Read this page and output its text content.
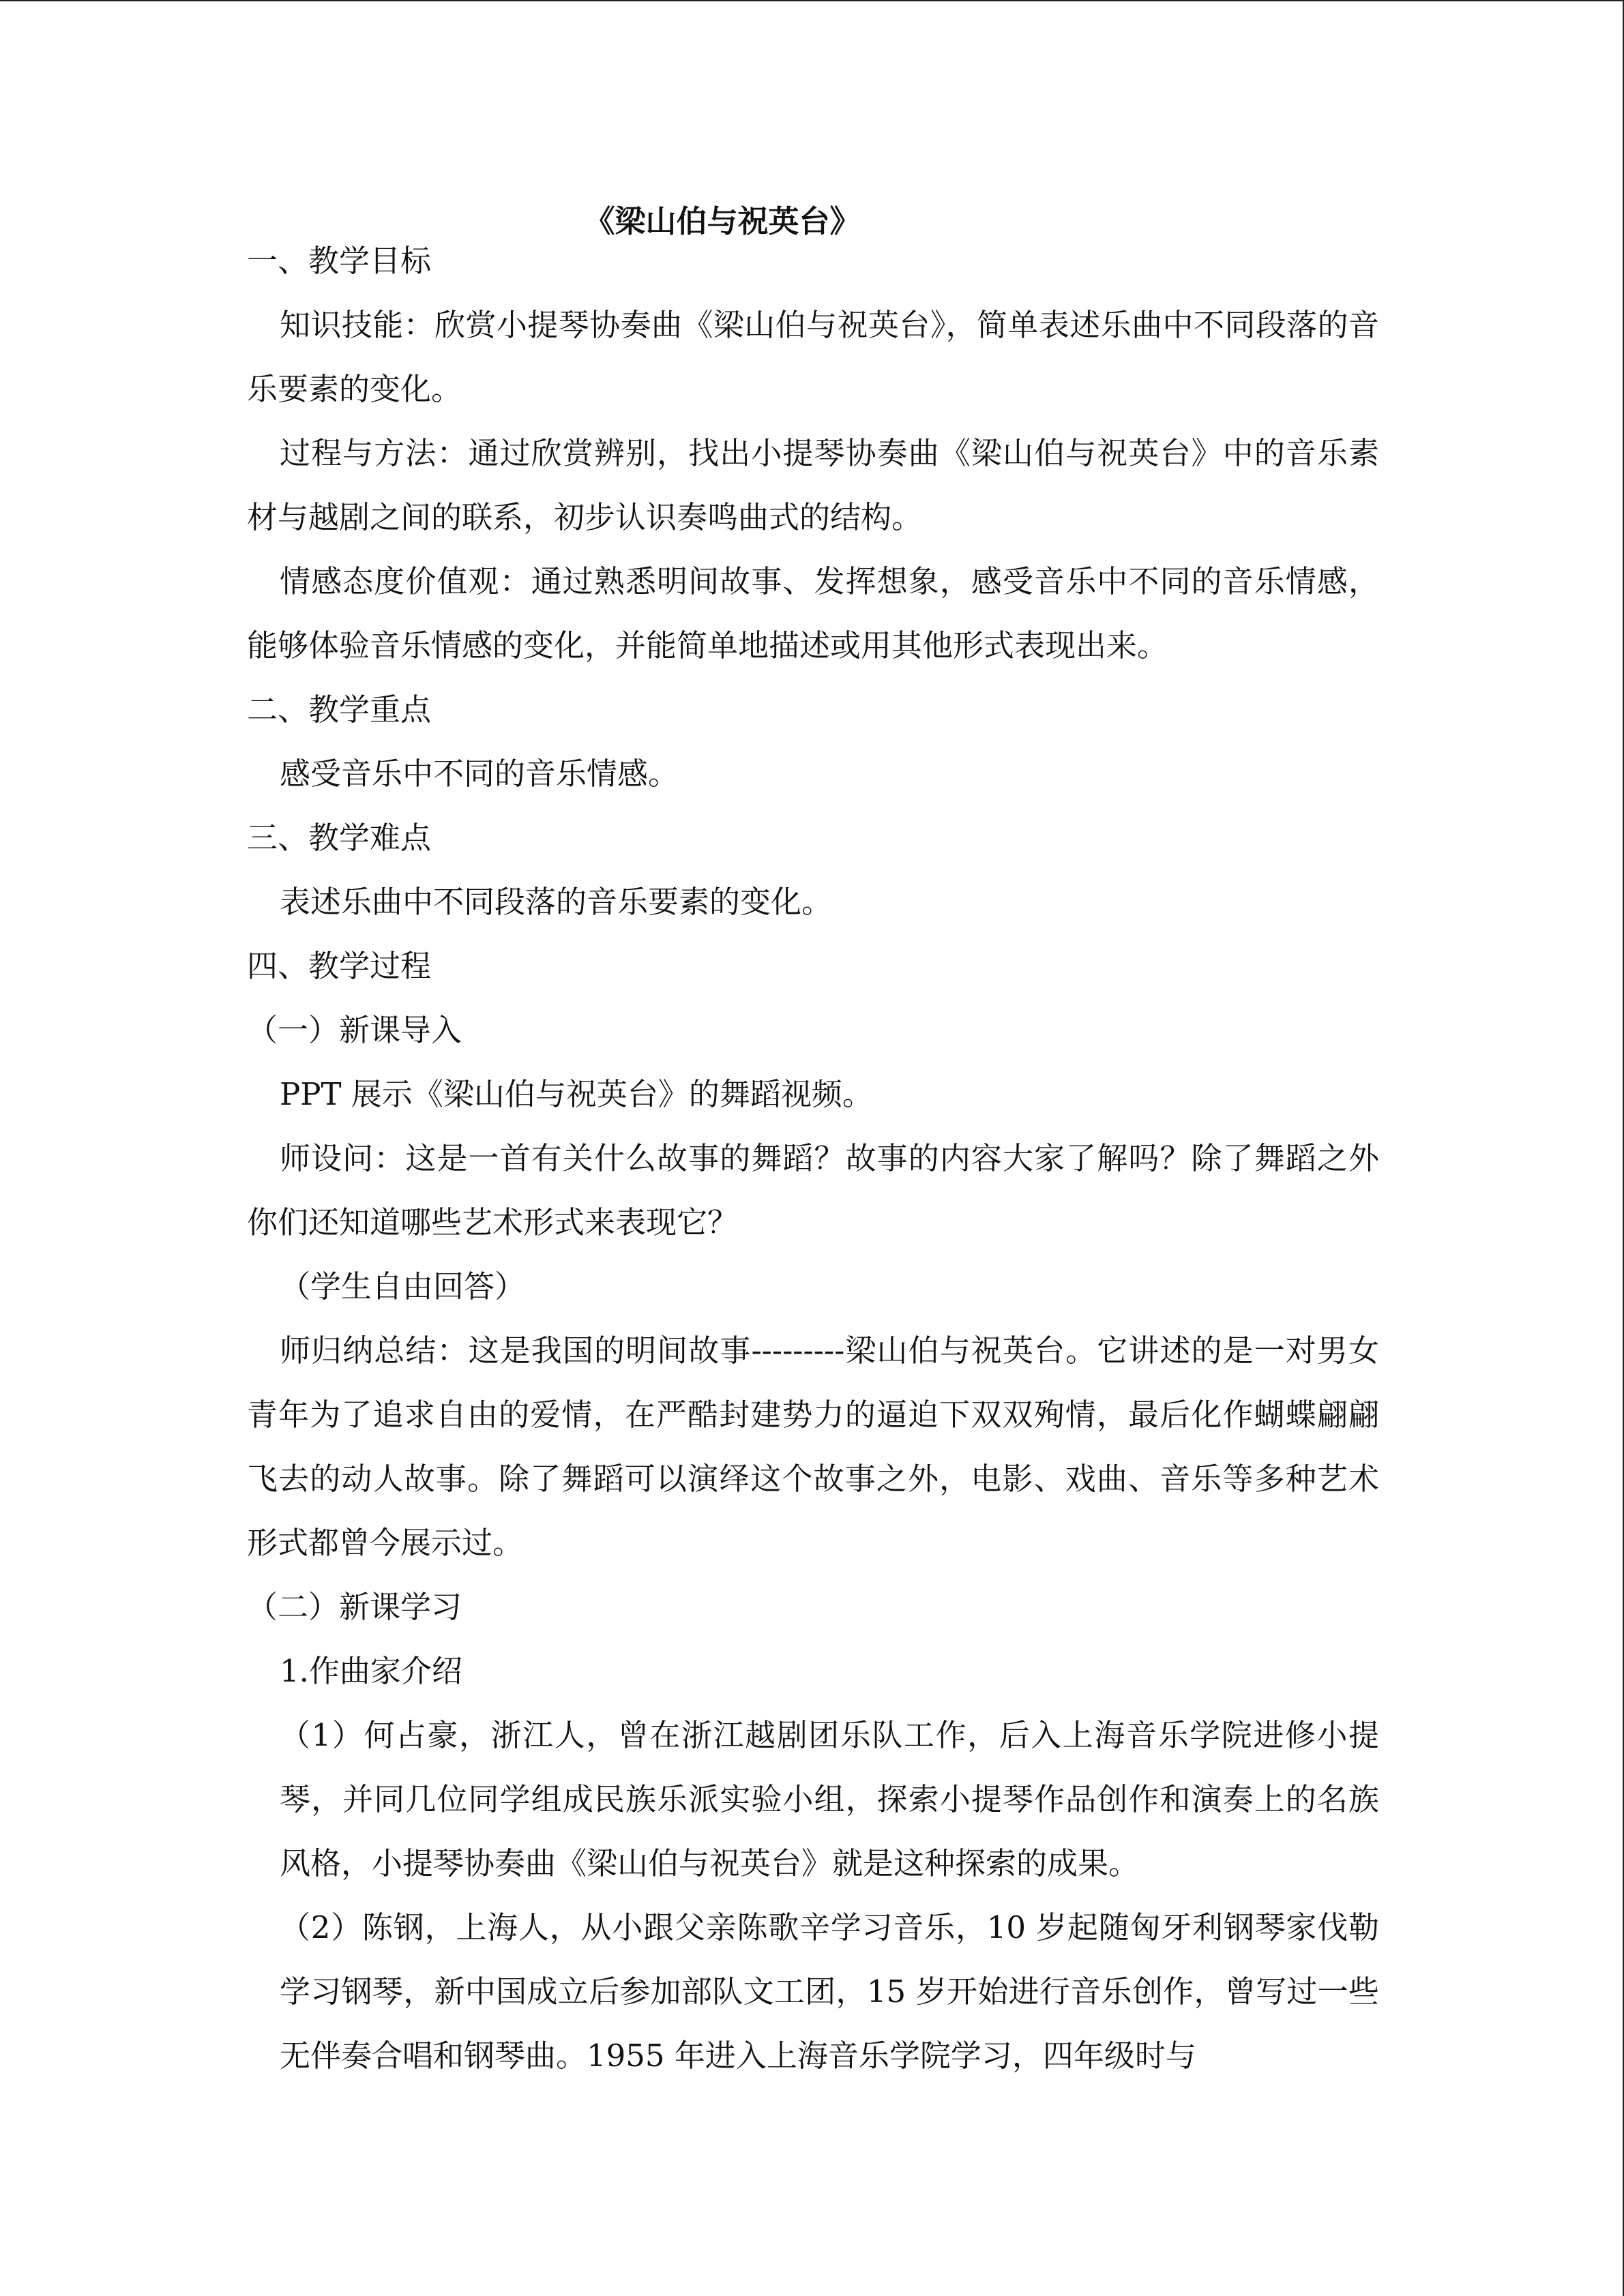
《梁山伯与祝英台》

一、教学目标

知识技能：欣赏小提琴协奏曲《梁山伯与祝英台》，简单表述乐曲中不同段落的音乐要素的变化。

过程与方法：通过欣赏辨别，找出小提琴协奏曲《梁山伯与祝英台》中的音乐素材与越剧之间的联系，初步认识奏鸣曲式的结构。

情感态度价值观：通过熟悉明间故事、发挥想象，感受音乐中不同的音乐情感，能够体验音乐情感的变化，并能简单地描述或用其他形式表现出来。

二、教学重点

感受音乐中不同的音乐情感。

三、教学难点

表述乐曲中不同段落的音乐要素的变化。

四、教学过程

（一）新课导入

PPT 展示《梁山伯与祝英台》的舞蹈视频。

师设问：这是一首有关什么故事的舞蹈？故事的内容大家了解吗？除了舞蹈之外你们还知道哪些艺术形式来表现它？

（学生自由回答）

师归纳总结：这是我国的明间故事---------梁山伯与祝英台。它讲述的是一对男女青年为了追求自由的爱情，在严酷封建势力的逼迫下双双殉情，最后化作蝴蝶翩翩飞去的动人故事。除了舞蹈可以演绎这个故事之外，电影、戏曲、音乐等多种艺术形式都曾今展示过。

（二）新课学习

1.作曲家介绍

（1）何占豪，浙江人，曾在浙江越剧团乐队工作，后入上海音乐学院进修小提琴，并同几位同学组成民族乐派实验小组，探索小提琴作品创作和演奏上的名族风格，小提琴协奏曲《梁山伯与祝英台》就是这种探索的成果。

（2）陈钢，上海人，从小跟父亲陈歌辛学习音乐，10 岁起随匈牙利钢琴家伐勒学习钢琴，新中国成立后参加部队文工团，15 岁开始进行音乐创作，曾写过一些无伴奏合唱和钢琴曲。1955 年进入上海音乐学院学习，四年级时与
